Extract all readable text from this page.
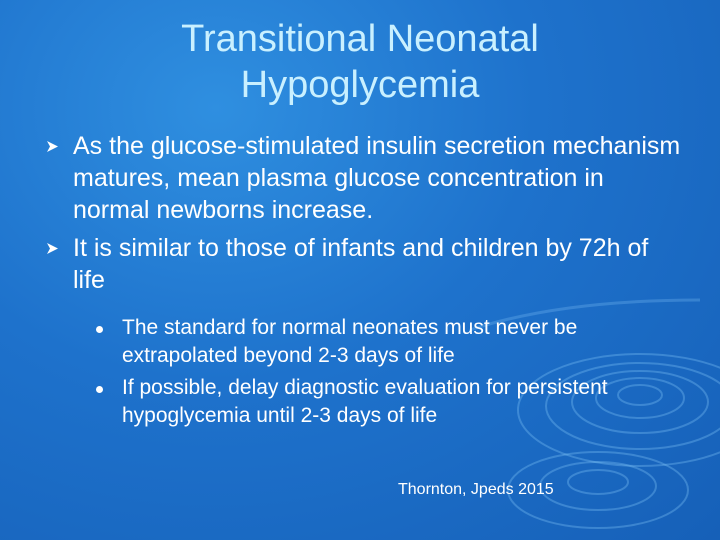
Transitional Neonatal
Hypoglycemia
As the glucose-stimulated insulin secretion mechanism matures, mean plasma glucose concentration in normal newborns increase.
It is similar to those of infants and children by 72h of life
The standard for normal neonates must never be extrapolated beyond 2-3 days of life
If possible, delay diagnostic evaluation for persistent hypoglycemia until 2-3 days of life
Thornton, Jpeds 2015
